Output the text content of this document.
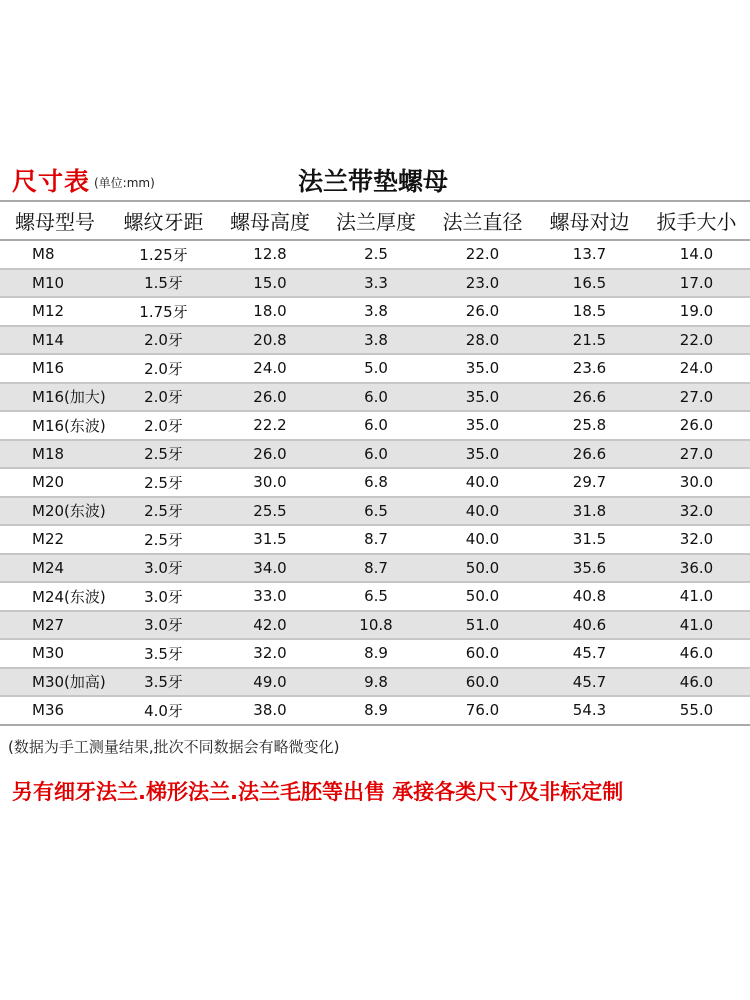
尺寸表 (单位:mm)	法兰带垫螺母
螺母型号	螺纹牙距	螺母高度	法兰厚度	法兰直径	螺母对边	扳手大小
M8	1.25牙	12.8	2.5	22.0	13.7	14.0
M10	1.5牙	15.0	3.3	23.0	16.5	17.0
M12	1.75牙	18.0	3.8	26.0	18.5	19.0
M14	2.0牙	20.8	3.8	28.0	21.5	22.0
M16	2.0牙	24.0	5.0	35.0	23.6	24.0
M16(加大)	2.0牙	26.0	6.0	35.0	26.6	27.0
M16(东波)	2.0牙	22.2	6.0	35.0	25.8	26.0
M18	2.5牙	26.0	6.0	35.0	26.6	27.0
M20	2.5牙	30.0	6.8	40.0	29.7	30.0
M20(东波)	2.5牙	25.5	6.5	40.0	31.8	32.0
M22	2.5牙	31.5	8.7	40.0	31.5	32.0
M24	3.0牙	34.0	8.7	50.0	35.6	36.0
M24(东波)	3.0牙	33.0	6.5	50.0	40.8	41.0
M27	3.0牙	42.0	10.8	51.0	40.6	41.0
M30	3.5牙	32.0	8.9	60.0	45.7	46.0
M30(加高)	3.5牙	49.0	9.8	60.0	45.7	46.0
M36	4.0牙	38.0	8.9	76.0	54.3	55.0
(数据为手工测量结果,批次不同数据会有略微变化)
另有细牙法兰.梯形法兰.法兰毛胚等出售 承接各类尺寸及非标定制
